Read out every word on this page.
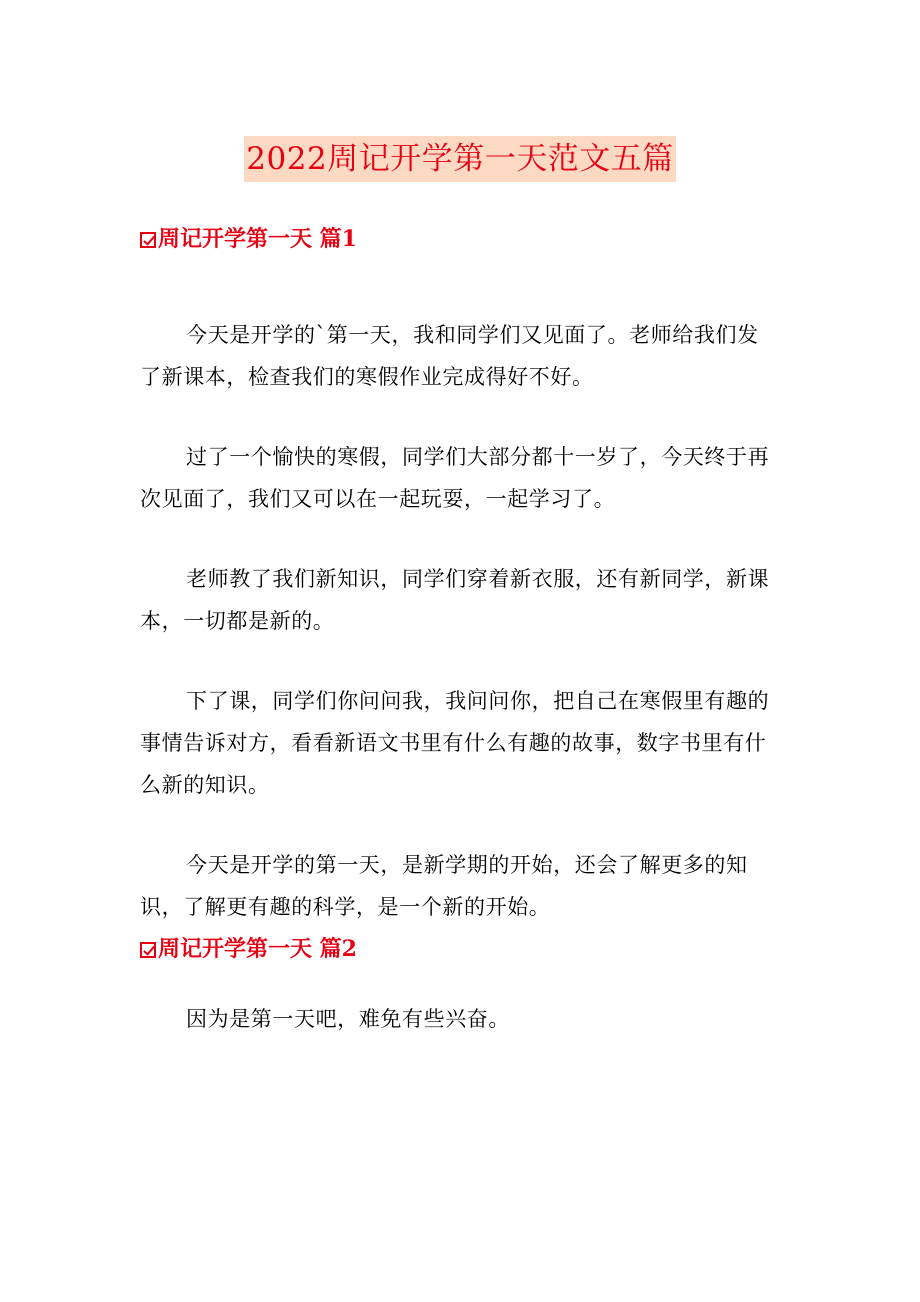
2022周记开学第一天范文五篇
周记开学第一天 篇1
今天是开学的`第一天，我和同学们又见面了。老师给我们发了新课本，检查我们的寒假作业完成得好不好。
过了一个愉快的寒假，同学们大部分都十一岁了，今天终于再次见面了，我们又可以在一起玩耍，一起学习了。
老师教了我们新知识，同学们穿着新衣服，还有新同学，新课本，一切都是新的。
下了课，同学们你问问我，我问问你，把自己在寒假里有趣的事情告诉对方，看看新语文书里有什么有趣的故事，数字书里有什么新的知识。
今天是开学的第一天，是新学期的开始，还会了解更多的知识，了解更有趣的科学，是一个新的开始。
周记开学第一天 篇2
因为是第一天吧，难免有些兴奋。
